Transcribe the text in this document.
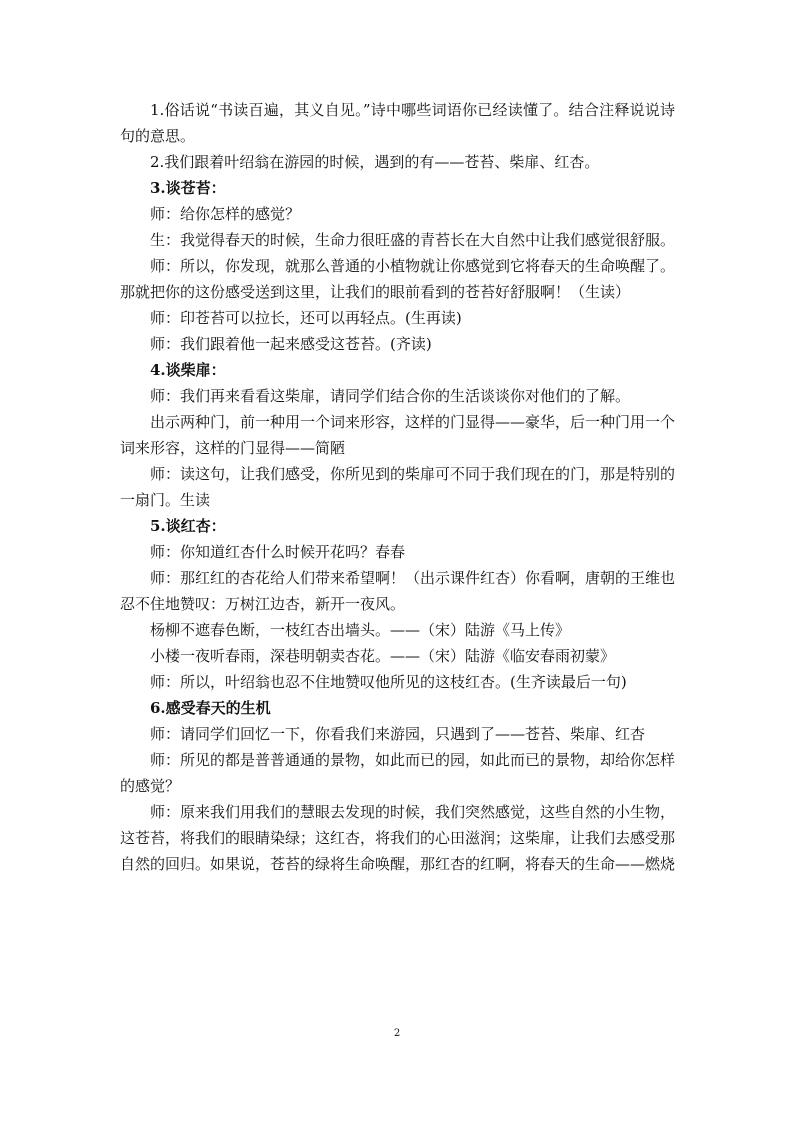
1.俗话说“书读百遍，其义自见。”诗中哪些词语你已经读懂了。结合注释说说诗句的意思。

2.我们跟着叶绍翁在游园的时候，遇到的有——苍苔、柴扉、红杏。

3.谈苍苔：

师：给你怎样的感觉？

生：我觉得春天的时候，生命力很旺盛的青苔长在大自然中让我们感觉很舒服。

师：所以，你发现，就那么普通的小植物就让你感觉到它将春天的生命唤醒了。那就把你的这份感受送到这里，让我们的眼前看到的苍苔好舒服啊！（生读）

师：印苍苔可以拉长，还可以再轻点。(生再读)

师：我们跟着他一起来感受这苍苔。(齐读)

4.谈柴扉：

师：我们再来看看这柴扉，请同学们结合你的生活谈谈你对他们的了解。

出示两种门，前一种用一个词来形容，这样的门显得——豪华，后一种门用一个词来形容，这样的门显得——简陋

师：读这句，让我们感受，你所见到的柴扉可不同于我们现在的门，那是特别的一扇门。生读

5.谈红杏：

师：你知道红杏什么时候开花吗？春春

师：那红红的杏花给人们带来希望啊！（出示课件红杏）你看啊，唐朝的王维也忍不住地赞叹：万树江边杏，新开一夜风。

杨柳不遮春色断，一枝红杏出墙头。——（宋）陆游《马上传》

小楼一夜听春雨，深巷明朝卖杏花。——（宋）陆游《临安春雨初蒙》

师：所以，叶绍翁也忍不住地赞叹他所见的这枝红杏。(生齐读最后一句)

6.感受春天的生机

师：请同学们回忆一下，你看我们来游园，只遇到了——苍苔、柴扉、红杏

师：所见的都是普普通通的景物，如此而已的园，如此而已的景物，却给你怎样的感觉？

师：原来我们用我们的慧眼去发现的时候，我们突然感觉，这些自然的小生物，这苍苔，将我们的眼睛染绿；这红杏，将我们的心田滋润；这柴扉，让我们去感受那自然的回归。如果说，苍苔的绿将生命唤醒，那红杏的红啊，将春天的生命——燃烧

2
